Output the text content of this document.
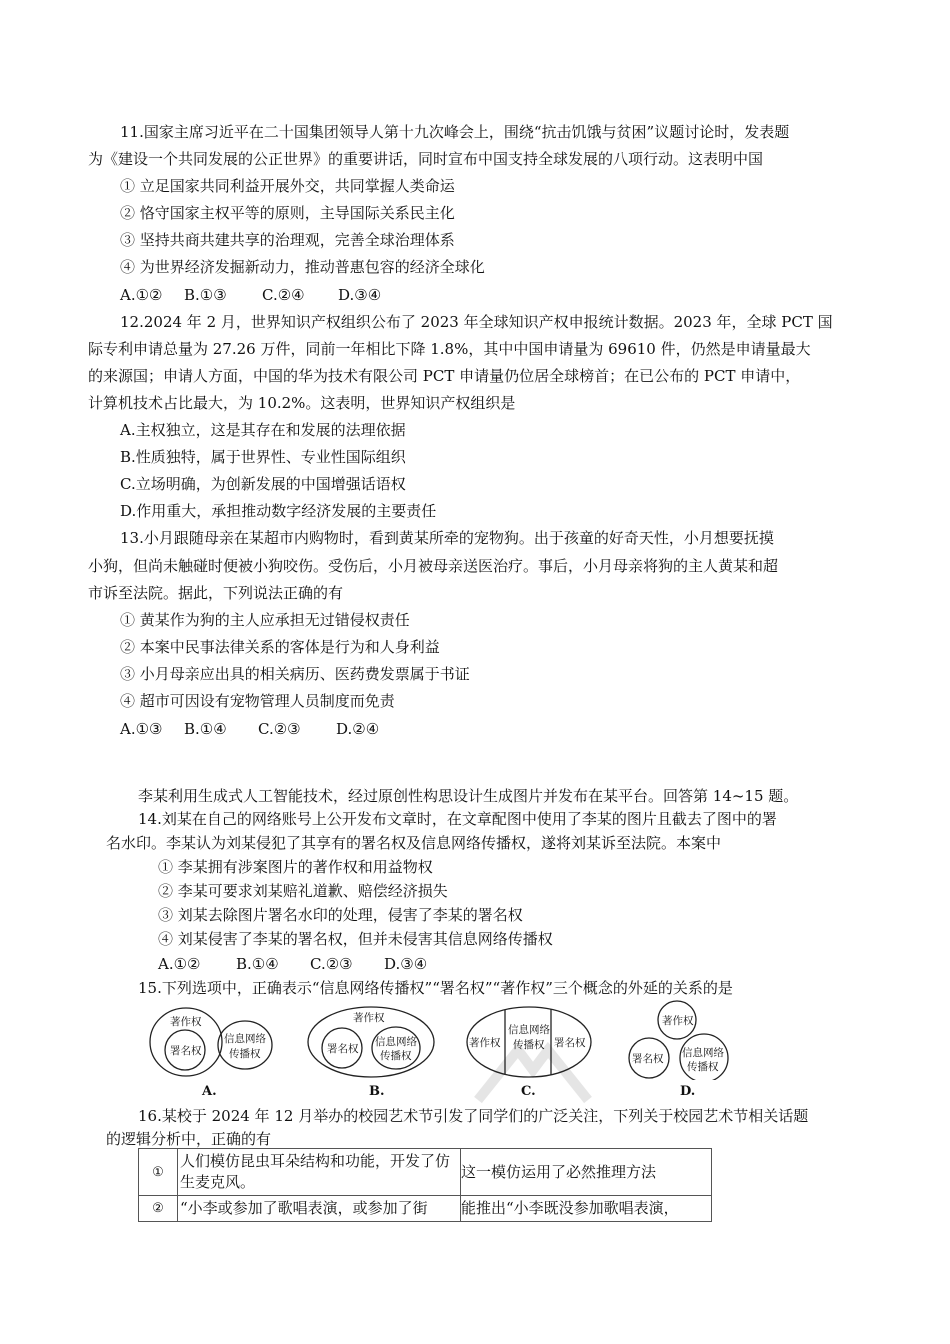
11.国家主席习近平在二十国集团领导人第十九次峰会上，围绕“抗击饥饿与贫困”议题讨论时，发表题
为《建设一个共同发展的公正世界》的重要讲话，同时宣布中国支持全球发展的八项行动。这表明中国
① 立足国家共同利益开展外交，共同掌握人类命运
② 恪守国家主权平等的原则，主导国际关系民主化
③ 坚持共商共建共享的治理观，完善全球治理体系
④ 为世界经济发掘新动力，推动普惠包容的经济全球化
A.①② B.①③ C.②④ D.③④
12.2024 年 2 月，世界知识产权组织公布了 2023 年全球知识产权申报统计数据。2023 年，全球 PCT 国
际专利申请总量为 27.26 万件，同前一年相比下降 1.8%，其中中国申请量为 69610 件，仍然是申请量最大
的来源国；申请人方面，中国的华为技术有限公司 PCT 申请量仍位居全球榜首；在已公布的 PCT 申请中，
计算机技术占比最大，为 10.2%。这表明，世界知识产权组织是
A.主权独立，这是其存在和发展的法理依据
B.性质独特，属于世界性、专业性国际组织
C.立场明确，为创新发展的中国增强话语权
D.作用重大，承担推动数字经济发展的主要责任
13.小月跟随母亲在某超市内购物时，看到黄某所牵的宠物狗。出于孩童的好奇天性，小月想要抚摸
小狗，但尚未触碰时便被小狗咬伤。受伤后，小月被母亲送医治疗。事后，小月母亲将狗的主人黄某和超
市诉至法院。据此，下列说法正确的有
① 黄某作为狗的主人应承担无过错侵权责任
② 本案中民事法律关系的客体是行为和人身利益
③ 小月母亲应出具的相关病历、医药费发票属于书证
④ 超市可因设有宠物管理人员制度而免责
A.①③ B.①④ C.②③ D.②④
李某利用生成式人工智能技术，经过原创性构思设计生成图片并发布在某平台。回答第 14~15 题。
14.刘某在自己的网络账号上公开发布文章时，在文章配图中使用了李某的图片且截去了图中的署
名水印。李某认为刘某侵犯了其享有的署名权及信息网络传播权，遂将刘某诉至法院。本案中
① 李某拥有涉案图片的著作权和用益物权
② 李某可要求刘某赔礼道歉、赔偿经济损失
③ 刘某去除图片署名水印的处理，侵害了李某的署名权
④ 刘某侵害了李某的署名权，但并未侵害其信息网络传播权
A.①② B.①④ C.②③ D.③④
15.下列选项中，正确表示“信息网络传播权”“署名权”“著作权”三个概念的外延的关系的是
著作权
署名权
信息网络
传播权
A.
著作权
署名权
信息网络
传播权
B.
著作权
信息网络
传播权 署名权
C.
著作权
署名权 信息网络
传播权
D.
16.某校于 2024 年 12 月举办的校园艺术节引发了同学们的广泛关注，下列关于校园艺术节相关话题
的逻辑分析中，正确的有
①	人们模仿昆虫耳朵结构和功能，开发了仿生麦克风。	这一模仿运用了必然推理方法
②	“小李或参加了歌唱表演，或参加了街	能推出“小李既没参加歌唱表演，
